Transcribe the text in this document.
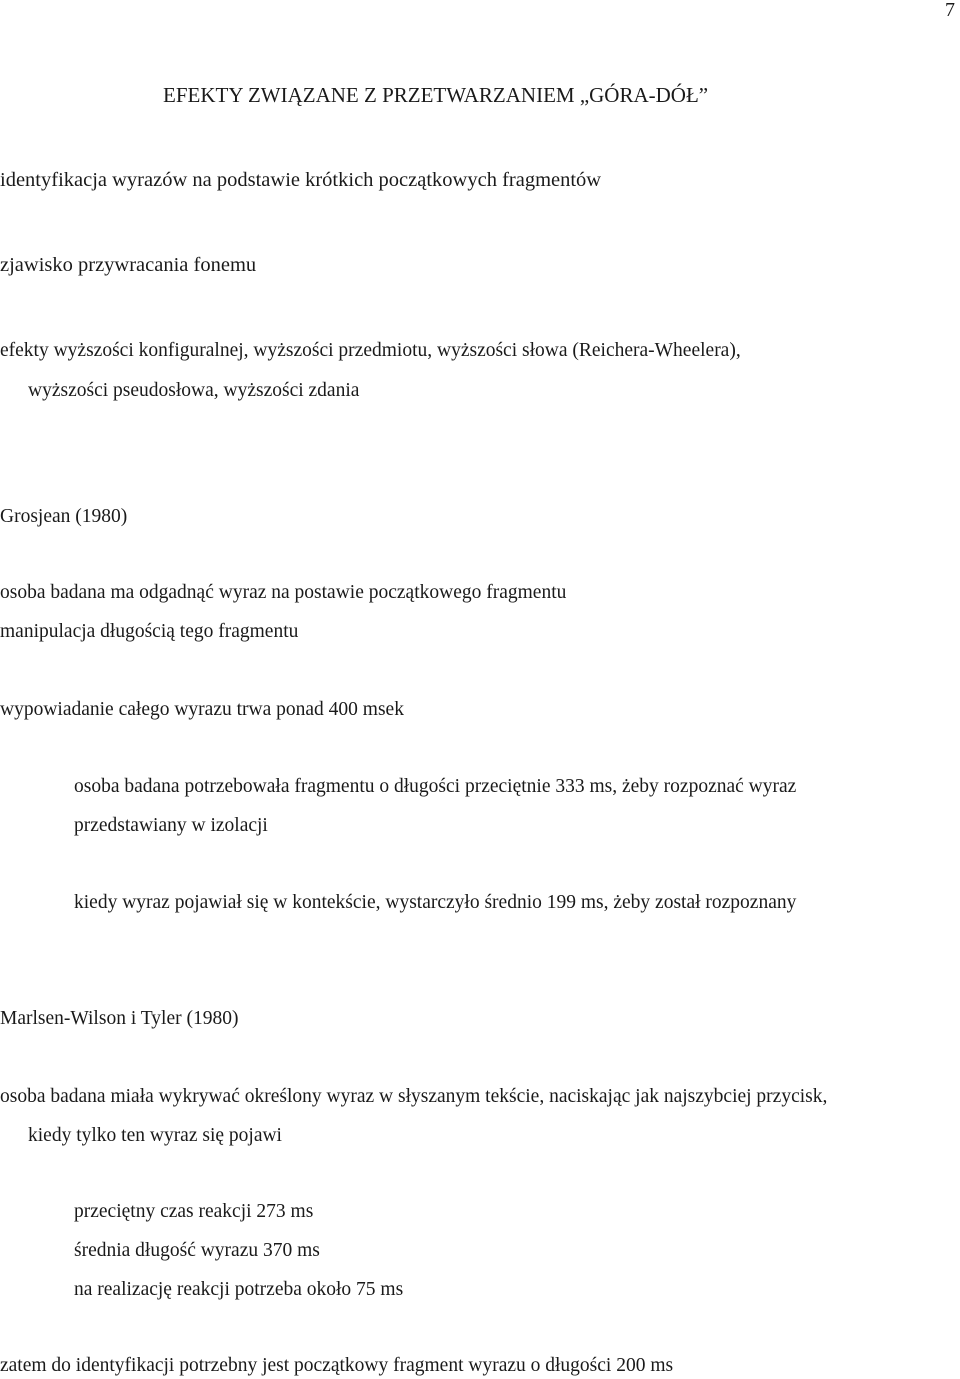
7

EFEKTY ZWIĄZANE Z PRZETWARZANIEM „GÓRA-DÓŁ”

identyfikacja wyrazów na podstawie krótkich początkowych fragmentów

zjawisko przywracania fonemu

efekty wyższości konfiguralnej, wyższości przedmiotu, wyższości słowa (Reichera-Wheelera),

wyższości pseudosłowa, wyższości zdania

Grosjean (1980)

osoba badana ma odgadnąć wyraz na postawie początkowego fragmentu

manipulacja długością tego fragmentu

wypowiadanie całego wyrazu trwa ponad 400 msek

osoba badana potrzebowała fragmentu o długości przeciętnie 333 ms, żeby rozpoznać wyraz

przedstawiany w izolacji

kiedy wyraz pojawiał się w kontekście, wystarczyło średnio 199 ms, żeby został rozpoznany

Marlsen-Wilson i Tyler (1980)

osoba badana miała wykrywać określony wyraz w słyszanym tekście, naciskając jak najszybciej przycisk,

kiedy tylko ten wyraz się pojawi

przeciętny czas reakcji 273 ms

średnia długość wyrazu 370 ms

na realizację reakcji potrzeba około 75 ms

zatem do identyfikacji potrzebny jest początkowy fragment wyrazu o długości 200 ms
